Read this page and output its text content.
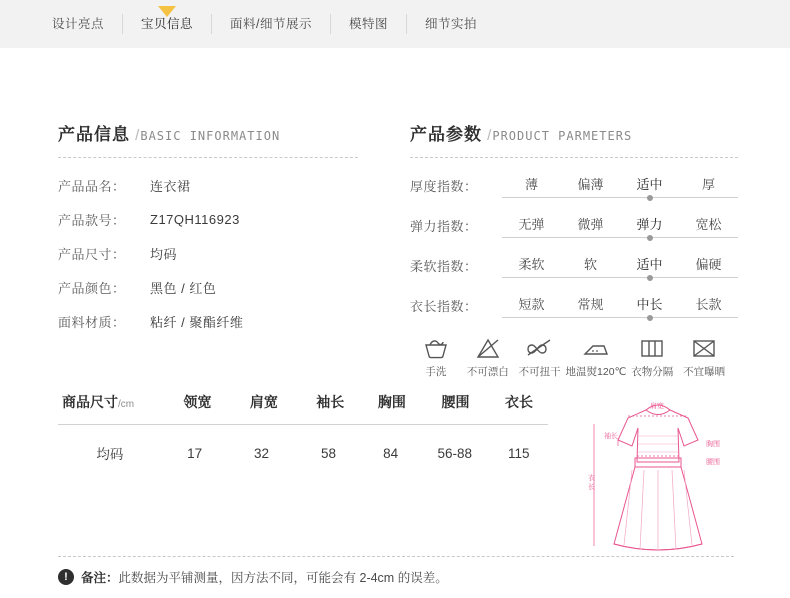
设计亮点	宝贝信息	面料/细节展示	模特图	细节实拍
产品信息 /BASIC INFORMATION
产品品名：	连衣裙
产品款号：	Z17QH116923
产品尺寸：	均码
产品颜色：	黑色 / 红色
面料材质：	粘纤 / 聚酯纤维
产品参数 /PRODUCT PARMETERS
厚度指数：	薄	偏薄	适中	厚
弹力指数：	无弹	微弹	弹力	宽松
柔软指数：	柔软	软	适中	偏硬
衣长指数：	短款	常规	中长	长款
手洗	不可漂白 不可扭干 地温熨120℃ 衣物分隔 不宜曝晒
商品尺寸/cm	领宽	肩宽	袖长	胸围	腰围	衣长
均码	17	32	58	84	56-88	115
肩宽
袖长
胸围
腰围
衣
长
!	备注： 此数据为平铺测量，因方法不同，可能会有 2-4cm 的误差。
